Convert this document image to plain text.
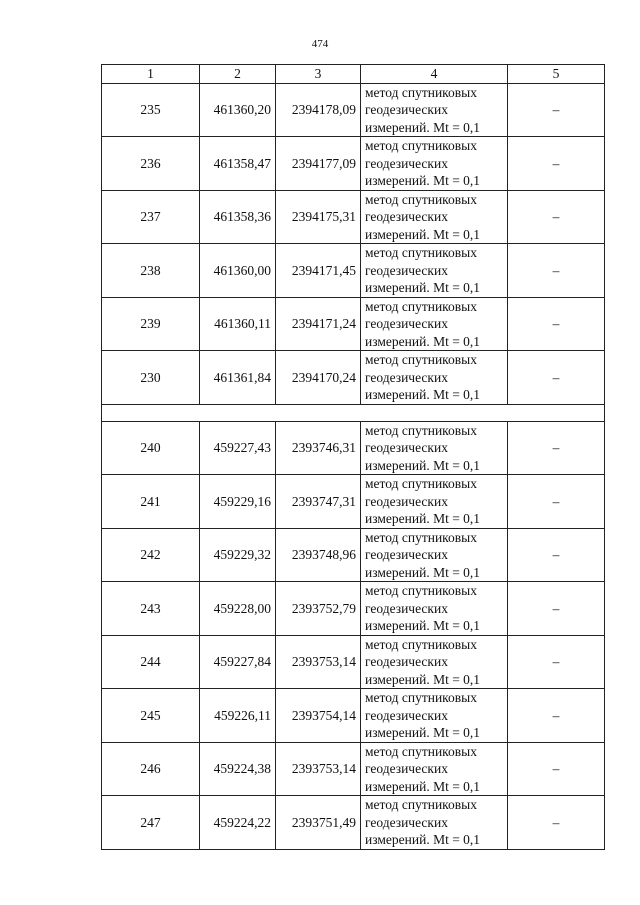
474
1	2	3	4	5
235	461360,20	2394178,09	метод спутниковых
геодезических
измерений. Mt = 0,1	–
236	461358,47	2394177,09	метод спутниковых
геодезических
измерений. Mt = 0,1	–
237	461358,36	2394175,31	метод спутниковых
геодезических
измерений. Mt = 0,1	–
238	461360,00	2394171,45	метод спутниковых
геодезических
измерений. Mt = 0,1	–
239	461360,11	2394171,24	метод спутниковых
геодезических
измерений. Mt = 0,1	–
230	461361,84	2394170,24	метод спутниковых
геодезических
измерений. Mt = 0,1	–

240	459227,43	2393746,31	метод спутниковых
геодезических
измерений. Mt = 0,1	–
241	459229,16	2393747,31	метод спутниковых
геодезических
измерений. Mt = 0,1	–
242	459229,32	2393748,96	метод спутниковых
геодезических
измерений. Mt = 0,1	–
243	459228,00	2393752,79	метод спутниковых
геодезических
измерений. Mt = 0,1	–
244	459227,84	2393753,14	метод спутниковых
геодезических
измерений. Mt = 0,1	–
245	459226,11	2393754,14	метод спутниковых
геодезических
измерений. Mt = 0,1	–
246	459224,38	2393753,14	метод спутниковых
геодезических
измерений. Mt = 0,1	–
247	459224,22	2393751,49	метод спутниковых
геодезических
измерений. Mt = 0,1	–
